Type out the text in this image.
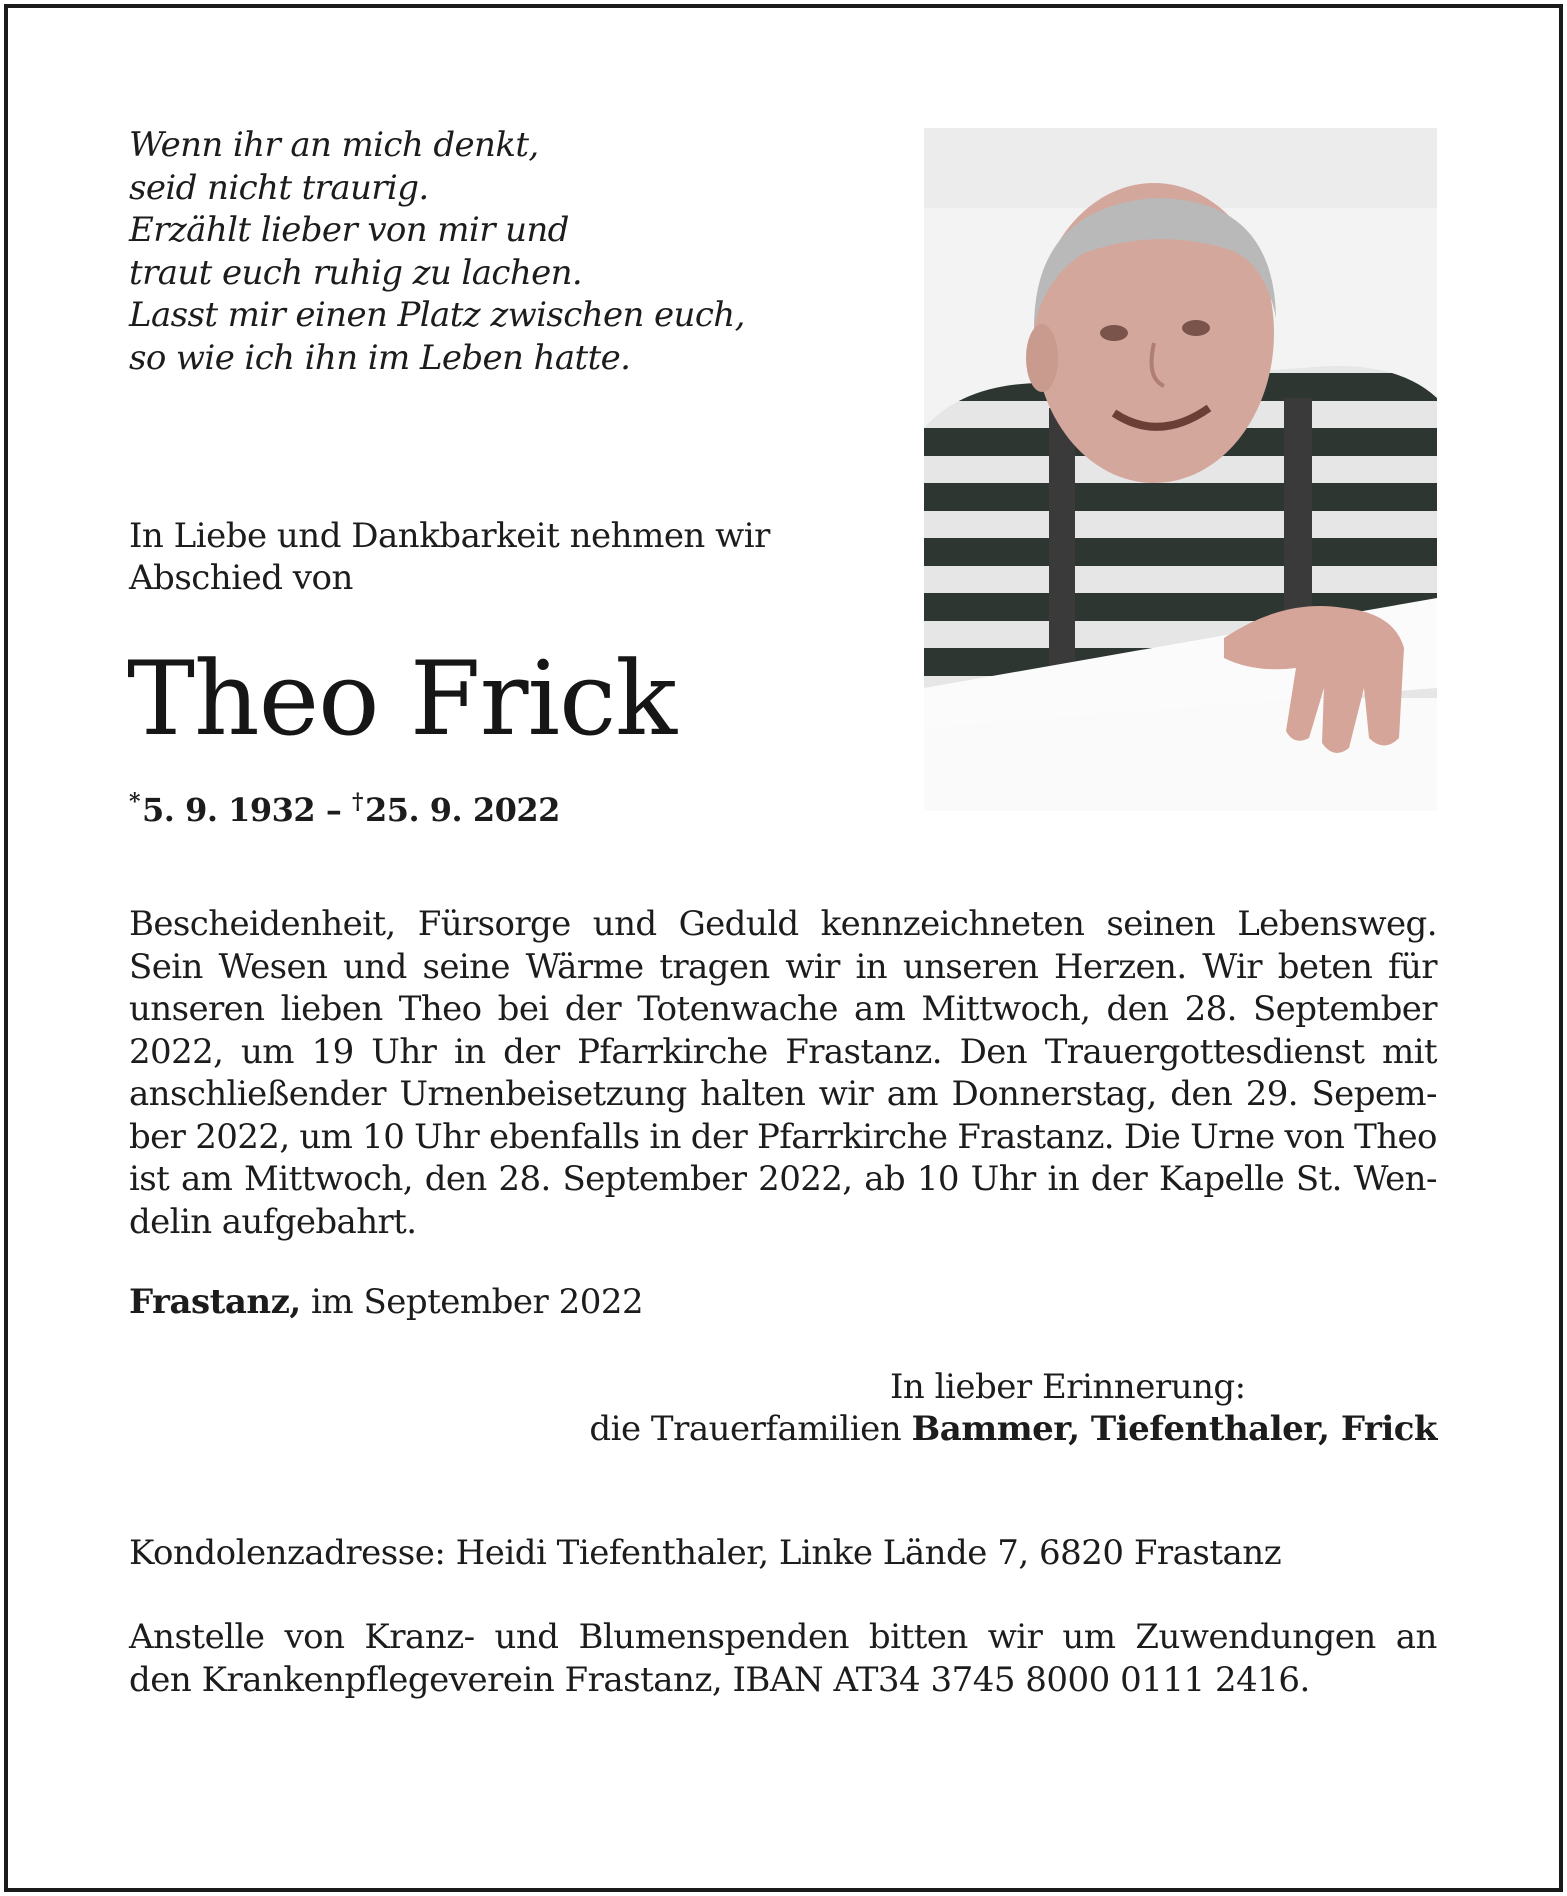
Wenn ihr an mich denkt,
seid nicht traurig.
Erzählt lieber von mir und
traut euch ruhig zu lachen.
Lasst mir einen Platz zwischen euch,
so wie ich ihn im Leben hatte.
In Liebe und Dankbarkeit nehmen wir
Abschied von
Theo Frick
*5. 9. 1932 – †25. 9. 2022
Bescheidenheit, Fürsorge und Geduld kennzeichneten seinen Lebensweg.
Sein Wesen und seine Wärme tragen wir in unseren Herzen. Wir beten für
unseren lieben Theo bei der Totenwache am Mittwoch, den 28. September
2022, um 19 Uhr in der Pfarrkirche Frastanz. Den Trauergottesdienst mit
anschließender Urnenbeisetzung halten wir am Donnerstag, den 29. Sepem-
ber 2022, um 10 Uhr ebenfalls in der Pfarrkirche Frastanz. Die Urne von Theo
ist am Mittwoch, den 28. September 2022, ab 10 Uhr in der Kapelle St. Wen-
delin aufgebahrt.
Frastanz, im September 2022
In lieber Erinnerung:
die Trauerfamilien Bammer, Tiefenthaler, Frick
Kondolenzadresse: Heidi Tiefenthaler, Linke Lände 7, 6820 Frastanz
Anstelle von Kranz- und Blumenspenden bitten wir um Zuwendungen an
den Krankenpflegeverein Frastanz, IBAN AT34 3745 8000 0111 2416.
